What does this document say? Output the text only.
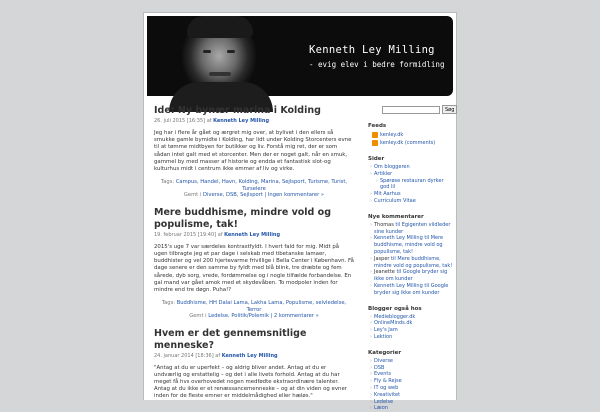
Kenneth Ley Milling
- evig elev i bedre formidling
Ide: Ny bynær marina i Kolding
26. juli 2015 [16:35] af Kenneth Ley Milling
Jeg har i flere år gået og ærgret mig over, at bylivet i den ellers så smukke gamle bymidte i Kolding, har lidt under Kolding Storcenters evne til at tømme midtbyen for butikker og liv. Forstå mig ret, der er som sådan intet galt med et storcenter. Men der er noget galt, når en smuk, gammel by med masser af historie og endda et fantastisk slot-og kulturhus midt i centrum ikke emmer af liv og virke.
Tags: Campus, Handel, Havn, Kolding, Marina, Sejlsport, Turisme, Turist, Turselere
Gemt i Diverse, DSB, Sejlsport | Ingen kommentarer »
Mere buddhisme, mindre vold og populisme, tak!
19. februar 2015 [19:40] af Kenneth Ley Milling
2015's uge 7 var særdeles kontrastfyldt. I hvert fald for mig. Midt på ugen tilbragte jeg et par dage i selskab med tibetanske lamaer, buddhister og vel 200 hjertevarme frivillige i Bella Center i København. Få dage senere er den samme by fyldt med blå blink, tre dræbte og fem sårede, dyb sorg, vrede, fordømmelse og i nogle tilfælde forbandelse. En gal mand var gået amok med et skydevåben. To modpoler inden for mindre end tre døgn. Puha!?
Tags: Buddhisme, HH Dalai Lama, Lakha Lama, Populisme, selvledelse, Terror
Gemt i Ledelse, Politik/Polemik | 2 kommentarer »
Hvem er det gennemsnitlige menneske?
24. januar 2014 [18:36] af Kenneth Ley Milling
"Antag at du er uperfekt – og aldrig bliver andet. Antag at du er undværlig og erstattelig – og det i alle livets forhold. Antag at du har meget få hvs overhovedet nogen medfødte ekstraordinære talenter. Antag at du ikke er et renæssancemenneske – og at din viden og evner inden for de fleste emner er middelmådighed eller hæløs."
Søg
Feeds
kenley.dk
kenley.dk (comments)
Sider
› Om bloggeren
› Artikler
› Spørøse restauran dyrker god lil
› Mit Aarhus
› Curriculum Vitae
Nye kommentarer
› Thomas til Egigenten vildleder sine kunder
› Kenneth Ley Milling til Mere buddhisme, mindre vold og populisme, tak!
› Jasper til Mere buddhisme, mindre vold og populisme, tak!
› Jeanette til Google bryder sig ikke om kunder
› Kenneth Ley Milling til Google bryder sig ikke om kunder
Blogger også hos
› Medieblogger.dk
› OnlineMinds.dk
› Ley's Jam
› Lektion
Kategorier
› Diverse
› DSB
› Events
› Fly & Rejse
› IT og web
› Kreativitet
› Ledelse
› Læon
